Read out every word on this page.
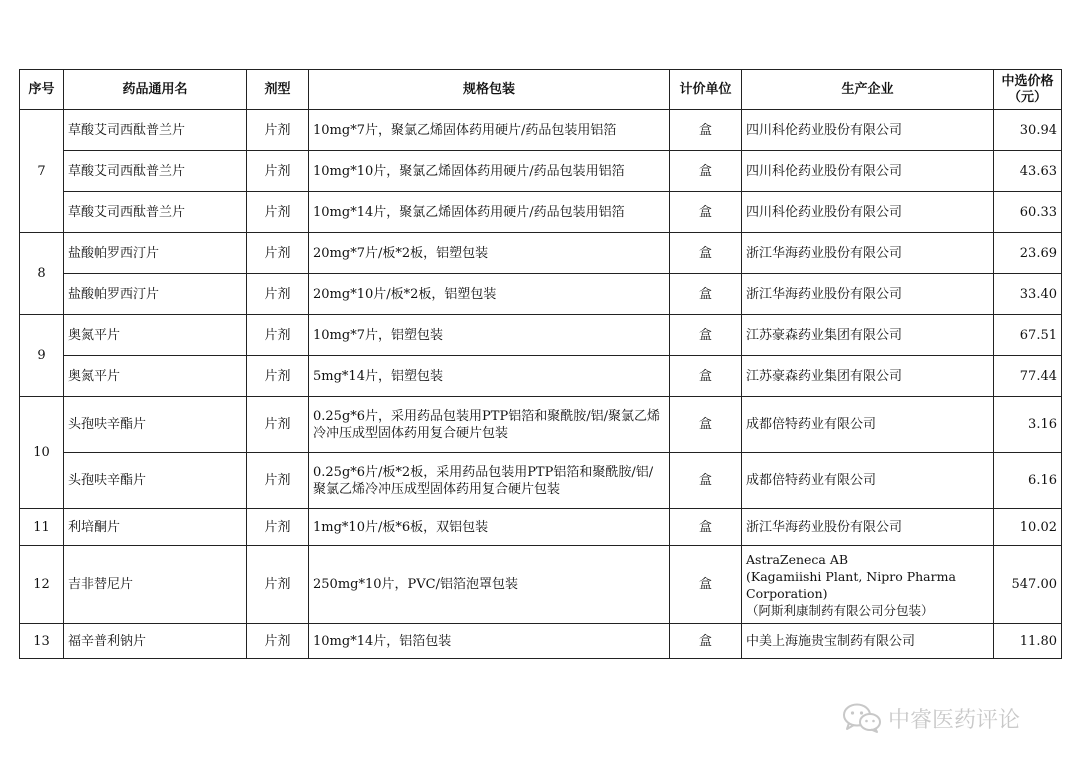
序号	药品通用名	剂型	规格包装	计价单位	生产企业	中选价格
（元）
7	草酸艾司西酞普兰片	片剂	10mg*7片，聚氯乙烯固体药用硬片/药品包装用铝箔	盒	四川科伦药业股份有限公司	30.94
	草酸艾司西酞普兰片	片剂	10mg*10片，聚氯乙烯固体药用硬片/药品包装用铝箔	盒	四川科伦药业股份有限公司	43.63
	草酸艾司西酞普兰片	片剂	10mg*14片，聚氯乙烯固体药用硬片/药品包装用铝箔	盒	四川科伦药业股份有限公司	60.33
8	盐酸帕罗西汀片	片剂	20mg*7片/板*2板，铝塑包装	盒	浙江华海药业股份有限公司	23.69
	盐酸帕罗西汀片	片剂	20mg*10片/板*2板，铝塑包装	盒	浙江华海药业股份有限公司	33.40
9	奥氮平片	片剂	10mg*7片，铝塑包装	盒	江苏豪森药业集团有限公司	67.51
	奥氮平片	片剂	5mg*14片，铝塑包装	盒	江苏豪森药业集团有限公司	77.44
10	头孢呋辛酯片	片剂	0.25g*6片，采用药品包装用PTP铝箔和聚酰胺/铝/聚氯乙烯冷冲压成型固体药用复合硬片包装	盒	成都倍特药业有限公司	3.16
	头孢呋辛酯片	片剂	0.25g*6片/板*2板，采用药品包装用PTP铝箔和聚酰胺/铝/聚氯乙烯冷冲压成型固体药用复合硬片包装	盒	成都倍特药业有限公司	6.16
11	利培酮片	片剂	1mg*10片/板*6板，双铝包装	盒	浙江华海药业股份有限公司	10.02
12	吉非替尼片	片剂	250mg*10片，PVC/铝箔泡罩包装	盒	AstraZeneca AB
(Kagamiishi Plant, Nipro Pharma Corporation)
（阿斯利康制药有限公司分包装）	547.00
13	福辛普利钠片	片剂	10mg*14片，铝箔包装	盒	中美上海施贵宝制药有限公司	11.80
中睿医药评论
